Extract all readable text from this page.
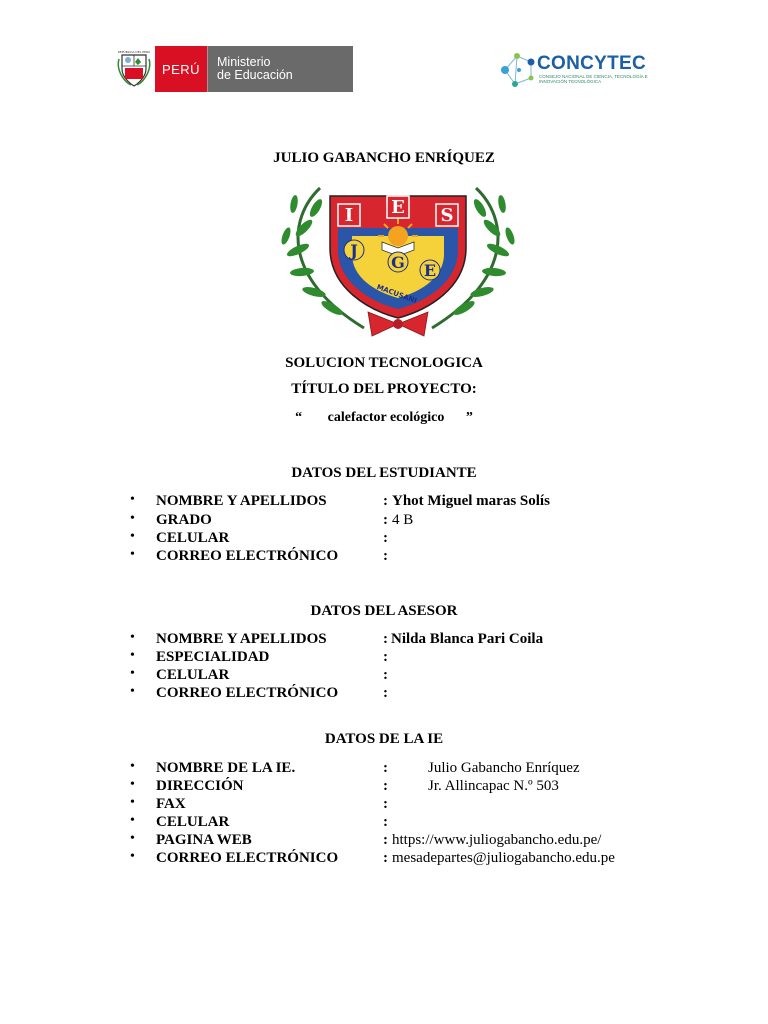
REPÚBLICA DEL PERÚ
PERÚ	Ministerio
de Educación
CONCYTEC
CONSEJO NACIONAL DE CIENCIA, TECNOLOGÍA E INNOVACIÓN TECNOLÓGICA
JULIO GABANCHO ENRÍQUEZ
I E S
J
G E
MACUSANI
SOLUCION TECNOLOGICA
TÍTULO DEL PROYECTO:
“ calefactor ecológico ”
DATOS DEL ESTUDIANTE
• NOMBRE Y APELLIDOS	: Yhot Miguel maras Solís
• GRADO	: 4 B
• CELULAR	:
• CORREO ELECTRÓNICO	:
DATOS DEL ASESOR
• NOMBRE Y APELLIDOS	: Nilda Blanca Pari Coila
• ESPECIALIDAD	:
• CELULAR	:
• CORREO ELECTRÓNICO	:
DATOS DE LA IE
• NOMBRE DE LA IE.	:	Julio Gabancho Enríquez
• DIRECCIÓN	:	Jr. Allincapac N.º 503
• FAX	:
• CELULAR	:
• PAGINA WEB	: https://www.juliogabancho.edu.pe/
• CORREO ELECTRÓNICO	: mesadepartes@juliogabancho.edu.pe
